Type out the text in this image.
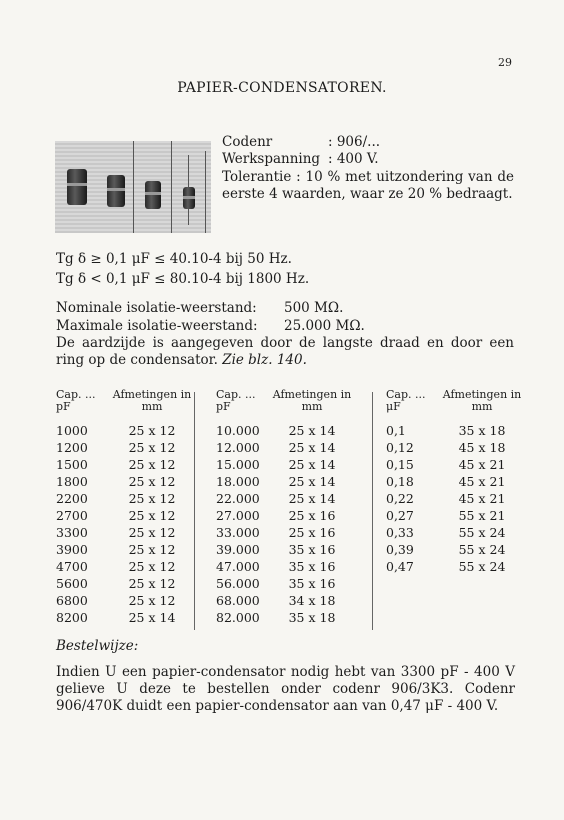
29
PAPIER-CONDENSATOREN.
Codenr	: 906/...
Werkspanning : 400 V.
Tolerantie : 10 % met uitzondering van de eerste 4 waarden, waar ze 20 % bedraagt.
Tg δ ≥ 0,1 μF ≤ 40.10-4 bij 50 Hz.
Tg δ < 0,1 μF ≤ 80.10-4 bij 1800 Hz.
Nominale isolatie-weerstand: 500 MΩ.
Maximale isolatie-weerstand: 25.000 MΩ.
De aardzijde is aangegeven door de langste draad en door een ring op de condensator. Zie blz. 140.
Cap. ... pF
Afmetingen in mm
1000	25 x 12
1200	25 x 12
1500	25 x 12
1800	25 x 12
2200	25 x 12
2700	25 x 12
3300	25 x 12
3900	25 x 12
4700	25 x 12
5600	25 x 12
6800	25 x 12
8200	25 x 14
Cap. ... pF
Afmetingen in mm
10.000	25 x 14
12.000	25 x 14
15.000	25 x 14
18.000	25 x 14
22.000	25 x 14
27.000	25 x 16
33.000	25 x 16
39.000	35 x 16
47.000	35 x 16
56.000	35 x 16
68.000	34 x 18
82.000	35 x 18
Cap. ... μF
Afmetingen in mm
0,1	35 x 18
0,12	45 x 18
0,15	45 x 21
0,18	45 x 21
0,22	45 x 21
0,27	55 x 21
0,33	55 x 24
0,39	55 x 24
0,47	55 x 24
Bestelwijze:
Indien U een papier-condensator nodig hebt van 3300 pF - 400 V gelieve U deze te bestellen onder codenr 906/3K3. Codenr 906/470K duidt een papier-condensator aan van 0,47 μF - 400 V.
